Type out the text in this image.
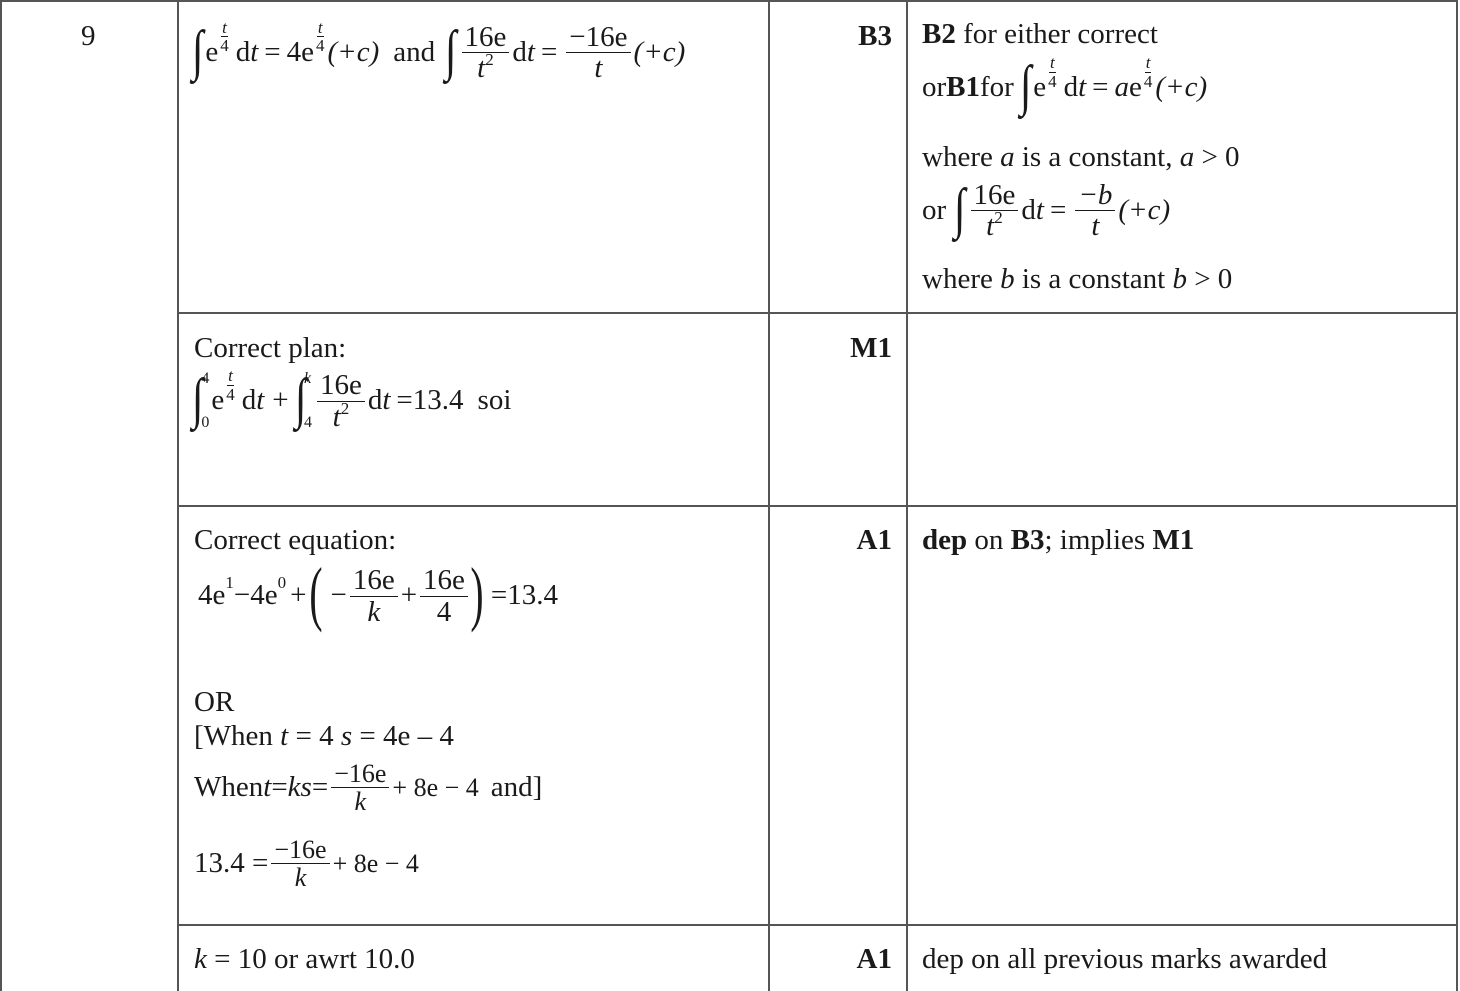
9	B3
∫ e $\frac{t}{4}$ d $t = 4e \frac{t}{4} (+c)$ and ∫ $\frac{16e}{t^2}$ d $t = \frac{-16e}{t} (+c)$
B2 for either correct
or B1 for ∫ e $\frac{t}{4}$ d t = a e $\frac{t}{4} (+c)$
where a is a constant, a > 0
or ∫ $\frac{16e}{t^2}$ d $t = \frac{-b}{t} (+c)$
where b is a constant b > 0
M1
Correct plan:
∫
4
0
e $\frac{t}{4}$ d t + ∫
k
$4 \frac{16e}{t^2}$ d t =13.4 soi
A1
Correct equation:
4e 1 − 4e 0 + ( − $\frac{16e}{k} + \frac{16e}{4}$ ) =13.4
OR
[When t = 4 s = 4e – 4
When t = k $s = \frac{-16e}{k} + 8e - 4$ and]
$13.4 = \frac{-16e}{k} + 8e - 4$
dep on B3; implies M1
A1
k = 10 or awrt 10.0	dep on all previous marks awarded
